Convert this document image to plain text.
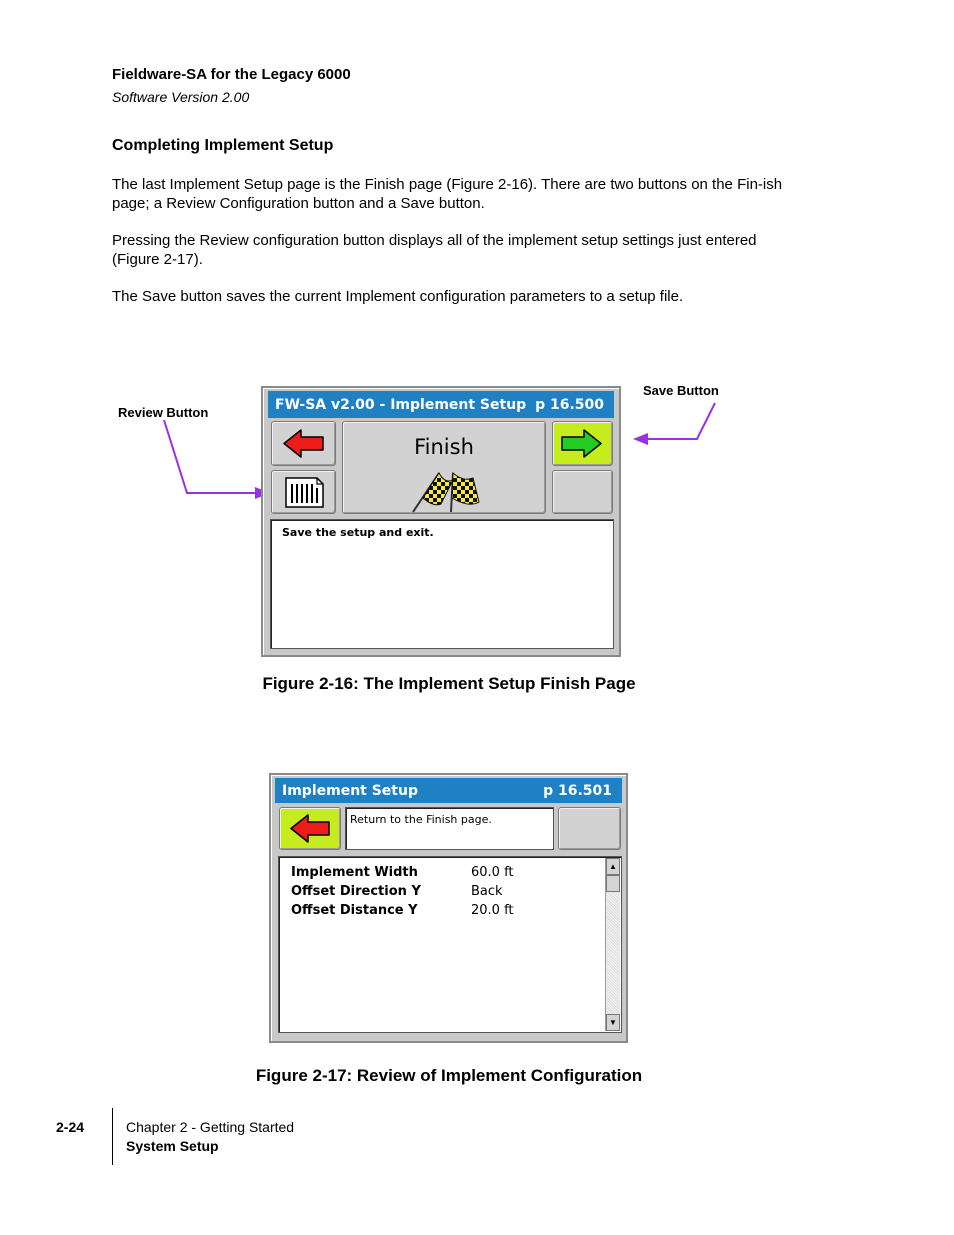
Fieldware-SA for the Legacy 6000
Software Version 2.00
Completing Implement Setup

The last Implement Setup page is the Finish page (Figure 2-16). There are two buttons on the Fin-ish page; a Review Configuration button and a Save button.

Pressing the Review configuration button displays all of the implement setup settings just entered (Figure 2-17).

The Save button saves the current Implement configuration parameters to a setup file.

Review Button
Save Button
FW-SA v2.00 - Implement Setup p 16.500
Finish
Save the setup and exit.
Figure 2-16: The Implement Setup Finish Page
Implement Setup	p 16.501
Return to the Finish page.
Implement Width	60.0 ft
Offset Direction Y	Back
Offset Distance Y	20.0 ft
▲
▼
Figure 2-17: Review of Implement Configuration
2-24	Chapter 2 - Getting Started
System Setup
